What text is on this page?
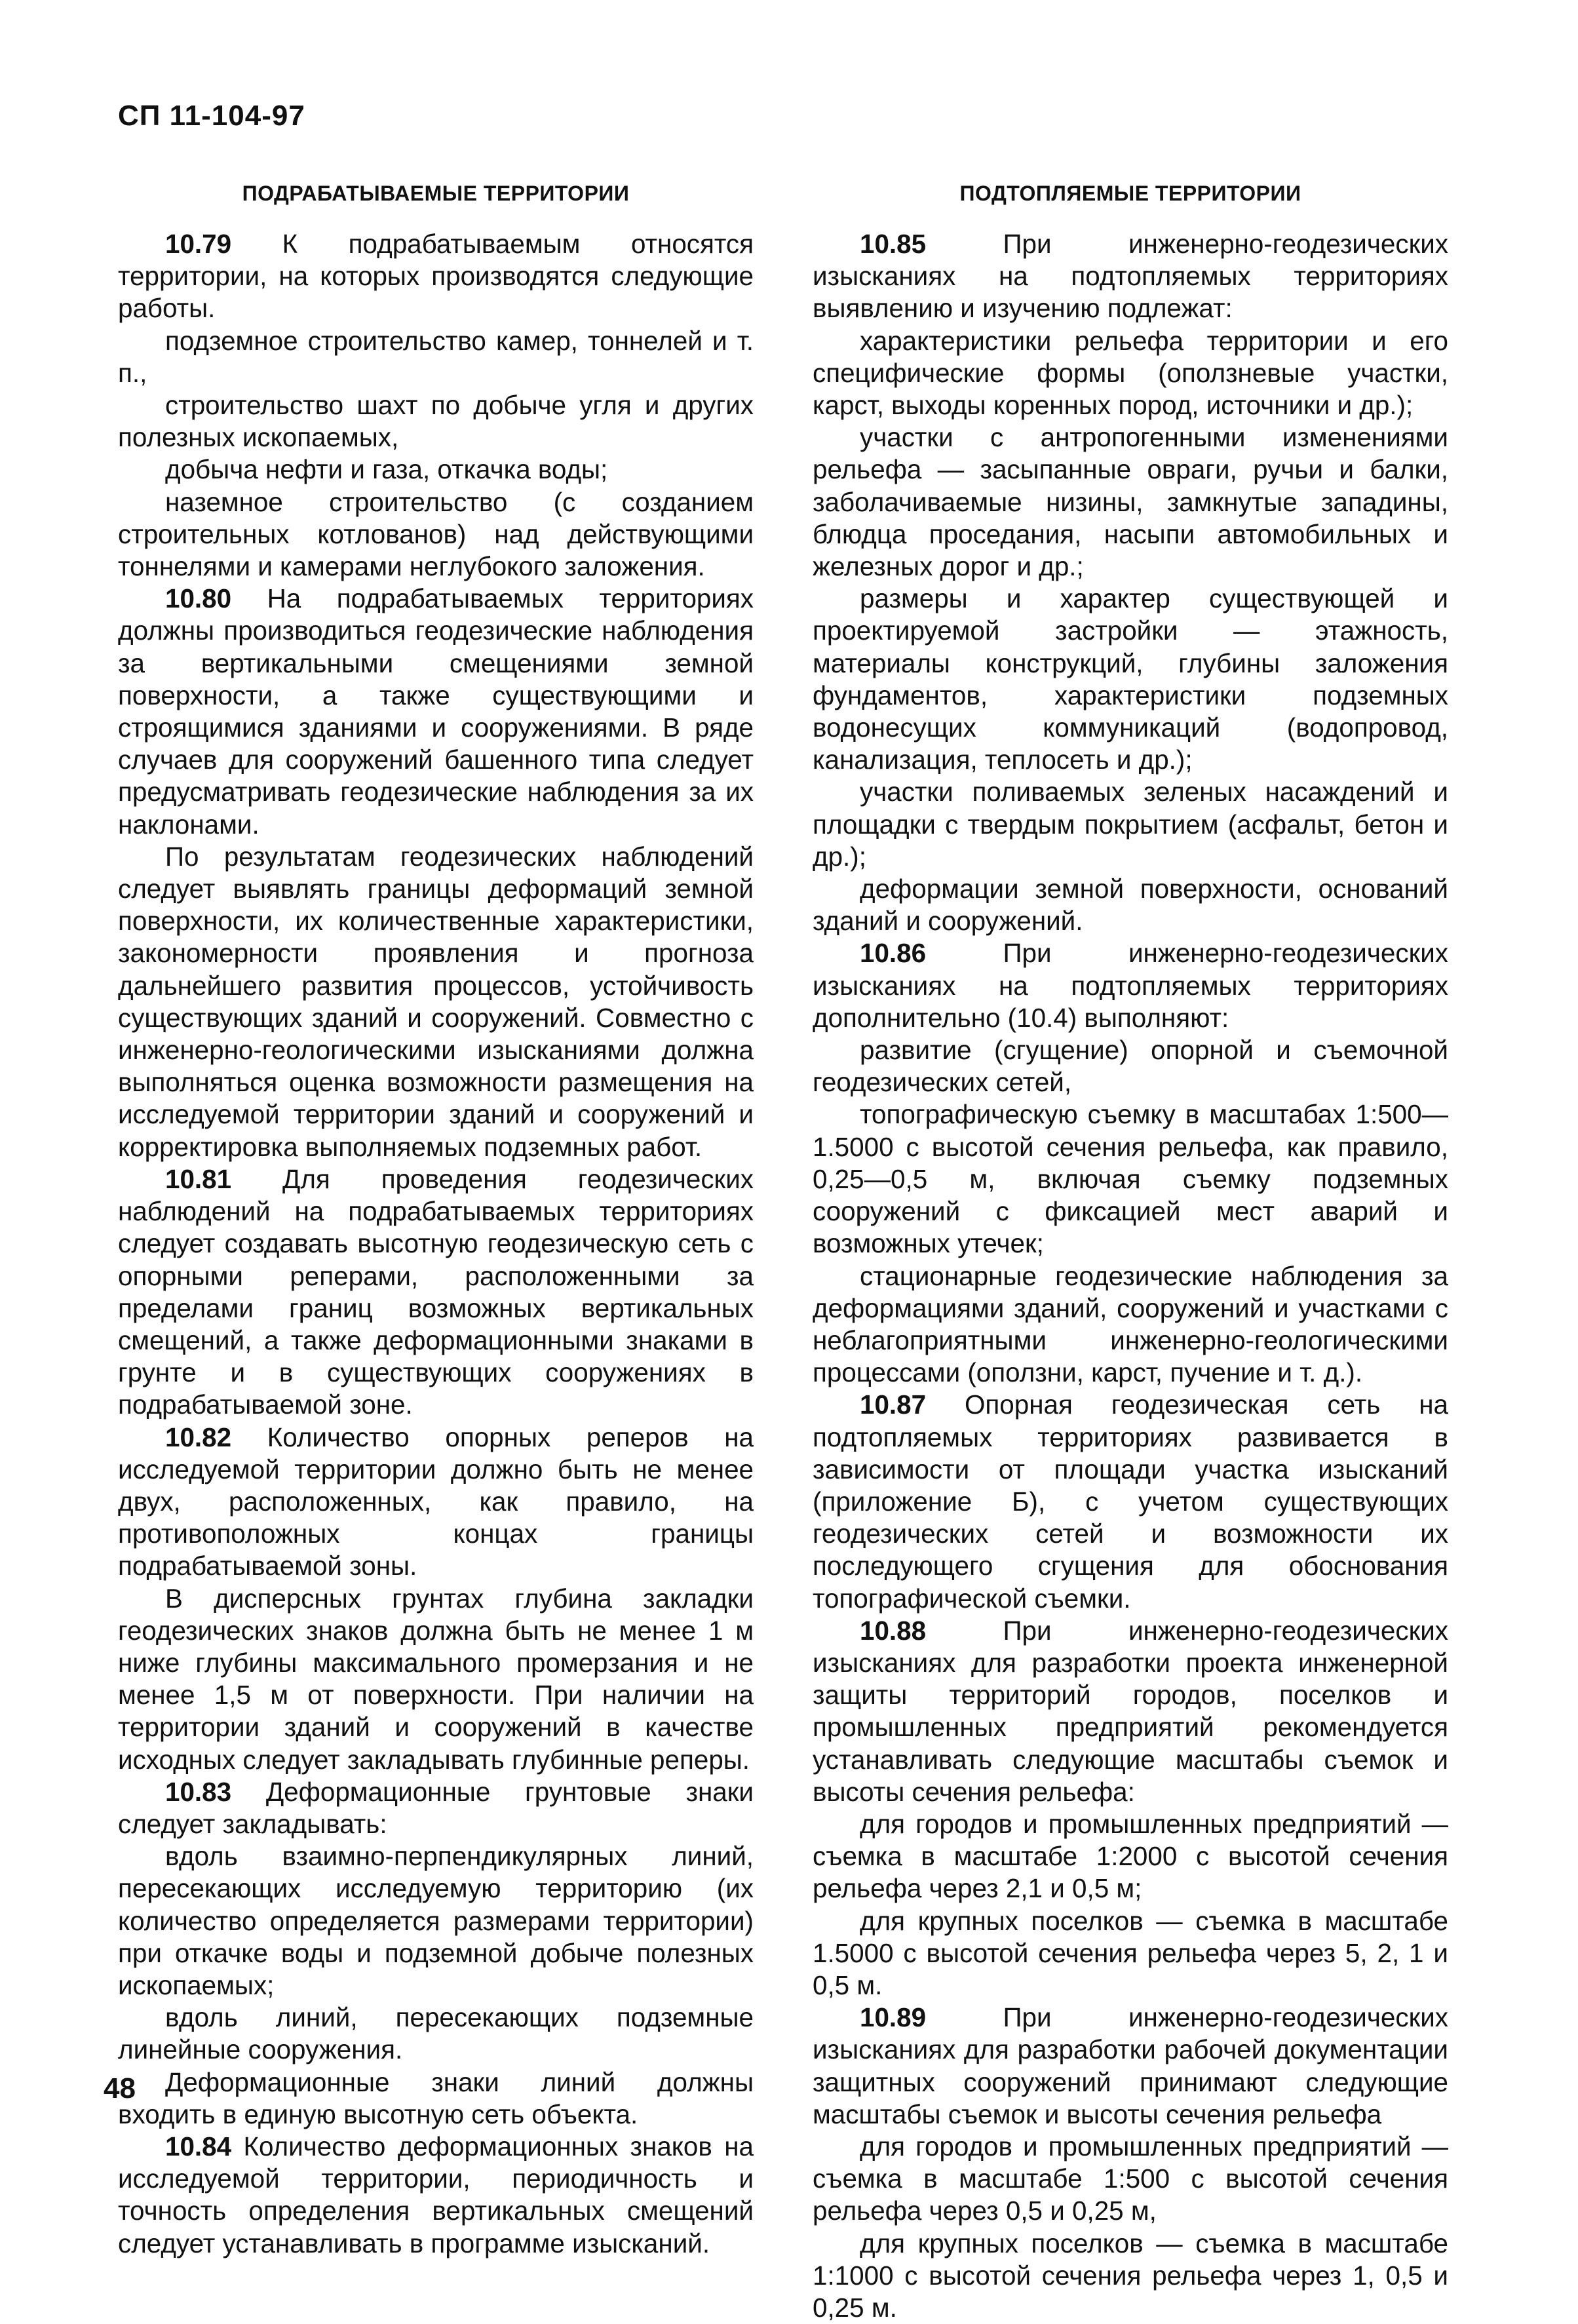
СП 11-104-97
ПОДРАБАТЫВАЕМЫЕ ТЕРРИТОРИИ

10.79 К подрабатываемым относятся территории, на которых производятся следующие работы.

подземное строительство камер, тоннелей и т. п.,

строительство шахт по добыче угля и других полезных ископаемых,

добыча нефти и газа, откачка воды;

наземное строительство (с созданием строительных котлованов) над действующими тоннелями и камерами неглубокого заложения.

10.80 На подрабатываемых территориях должны производиться геодезические наблюдения за вертикальными смещениями земной поверхности, а также существующими и строящимися зданиями и сооружениями. В ряде случаев для сооружений башенного типа следует предусматривать геодезические наблюдения за их наклонами.

По результатам геодезических наблюдений следует выявлять границы деформаций земной поверхности, их количественные характеристики, закономерности проявления и прогноза дальнейшего развития процессов, устойчивость существующих зданий и сооружений. Совместно с инженерно-геологическими изысканиями должна выполняться оценка возможности размещения на исследуемой территории зданий и сооружений и корректировка выполняемых подземных работ.

10.81 Для проведения геодезических наблюдений на подрабатываемых территориях следует создавать высотную геодезическую сеть с опорными реперами, расположенными за пределами границ возможных вертикальных смещений, а также деформационными знаками в грунте и в существующих сооружениях в подрабатываемой зоне.

10.82 Количество опорных реперов на исследуемой территории должно быть не менее двух, расположенных, как правило, на противоположных концах границы подрабатываемой зоны.

В дисперсных грунтах глубина закладки геодезических знаков должна быть не менее 1 м ниже глубины максимального промерзания и не менее 1,5 м от поверхности. При наличии на территории зданий и сооружений в качестве исходных следует закладывать глубинные реперы.

10.83 Деформационные грунтовые знаки следует закладывать:

вдоль взаимно-перпендикулярных линий, пересекающих исследуемую территорию (их количество определяется размерами территории) при откачке воды и подземной добыче полезных ископаемых;

вдоль линий, пересекающих подземные линейные сооружения.

Деформационные знаки линий должны входить в единую высотную сеть объекта.

10.84 Количество деформационных знаков на исследуемой территории, периодичность и точность определения вертикальных смещений следует устанавливать в программе изысканий.

ПОДТОПЛЯЕМЫЕ ТЕРРИТОРИИ

10.85 При инженерно-геодезических изысканиях на подтопляемых территориях выявлению и изучению подлежат:

характеристики рельефа территории и его специфические формы (оползневые участки, карст, выходы коренных пород, источники и др.);

участки с антропогенными изменениями рельефа — засыпанные овраги, ручьи и балки, заболачиваемые низины, замкнутые западины, блюдца проседания, насыпи автомобильных и железных дорог и др.;

размеры и характер существующей и проектируемой застройки — этажность, материалы конструкций, глубины заложения фундаментов, характеристики подземных водонесущих коммуникаций (водопровод, канализация, теплосеть и др.);

участки поливаемых зеленых насаждений и площадки с твердым покрытием (асфальт, бетон и др.);

деформации земной поверхности, оснований зданий и сооружений.

10.86 При инженерно-геодезических изысканиях на подтопляемых территориях дополнительно (10.4) выполняют:

развитие (сгущение) опорной и съемочной геодезических сетей,

топографическую съемку в масштабах 1:500—1.5000 с высотой сечения рельефа, как правило, 0,25—0,5 м, включая съемку подземных сооружений с фиксацией мест аварий и возможных утечек;

стационарные геодезические наблюдения за деформациями зданий, сооружений и участками с неблагоприятными инженерно-геологическими процессами (оползни, карст, пучение и т. д.).

10.87 Опорная геодезическая сеть на подтопляемых территориях развивается в зависимости от площади участка изысканий (приложение Б), с учетом существующих геодезических сетей и возможности их последующего сгущения для обоснования топографической съемки.

10.88 При инженерно-геодезических изысканиях для разработки проекта инженерной защиты территорий городов, поселков и промышленных предприятий рекомендуется устанавливать следующие масштабы съемок и высоты сечения рельефа:

для городов и промышленных предприятий — съемка в масштабе 1:2000 с высотой сечения рельефа через 2,1 и 0,5 м;

для крупных поселков — съемка в масштабе 1.5000 с высотой сечения рельефа через 5, 2, 1 и 0,5 м.

10.89 При инженерно-геодезических изысканиях для разработки рабочей документации защитных сооружений принимают следующие масштабы съемок и высоты сечения рельефа

для городов и промышленных предприятий — съемка в масштабе 1:500 с высотой сечения рельефа через 0,5 и 0,25 м,

для крупных поселков — съемка в масштабе 1:1000 с высотой сечения рельефа через 1, 0,5 и 0,25 м.

48
